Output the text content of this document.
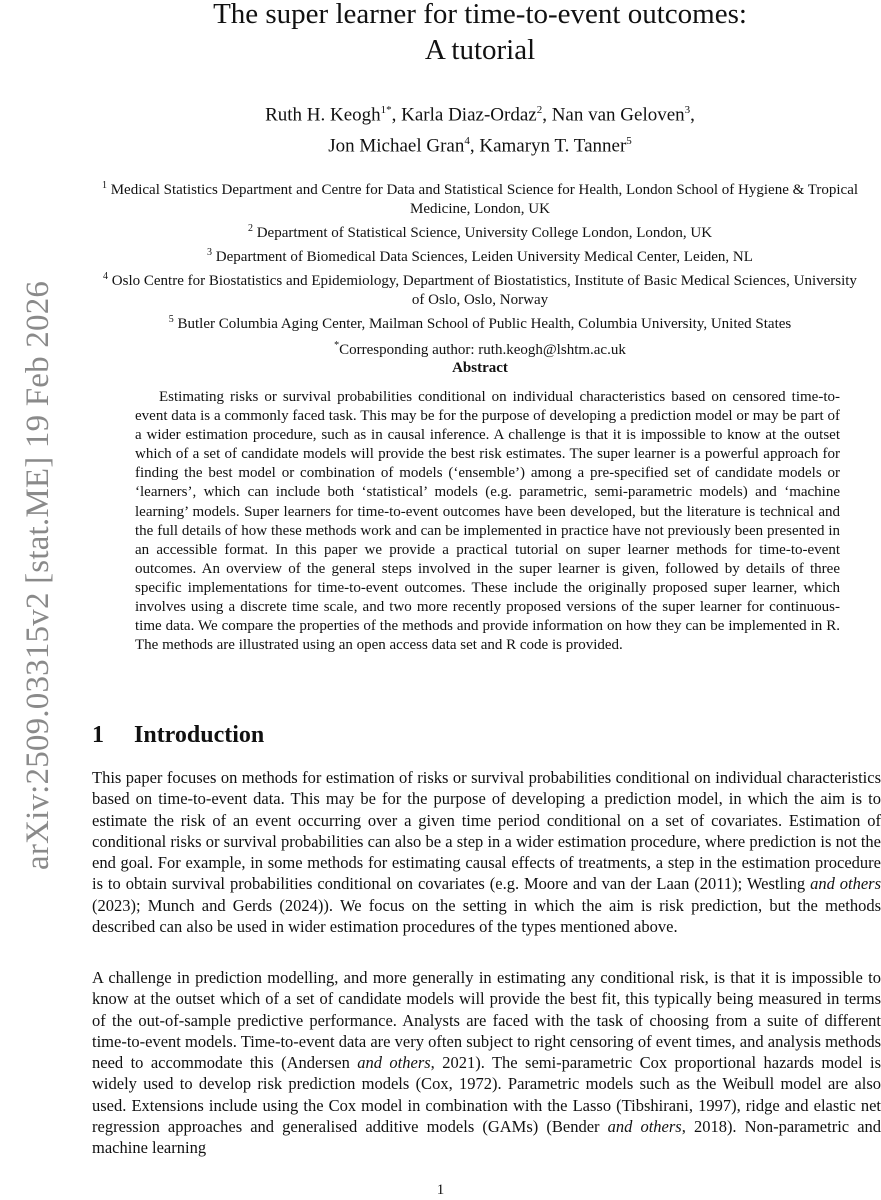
arXiv:2509.03315v2 [stat.ME] 19 Feb 2026
The super learner for time-to-event outcomes:
A tutorial
Ruth H. Keogh$^{1*}$, Karla Diaz-Ordaz$^2$, Nan van Geloven$^3$,
Jon Michael Gran$^4$, Kamaryn T. Tanner$^5$

$^1$ Medical Statistics Department and Centre for Data and Statistical Science for Health, London School of Hygiene & Tropical Medicine, London, UK

$^2$ Department of Statistical Science, University College London, London, UK

$^3$ Department of Biomedical Data Sciences, Leiden University Medical Center, Leiden, NL

$^4$ Oslo Centre for Biostatistics and Epidemiology, Department of Biostatistics, Institute of Basic Medical Sciences, University of Oslo, Oslo, Norway

$^5$ Butler Columbia Aging Center, Mailman School of Public Health, Columbia University, United States

*Corresponding author: ruth.keogh@lshtm.ac.uk

Abstract

Estimating risks or survival probabilities conditional on individual characteristics based on censored time-to-event data is a commonly faced task. This may be for the purpose of developing a prediction model or may be part of a wider estimation procedure, such as in causal inference. A challenge is that it is impossible to know at the outset which of a set of candidate models will provide the best risk estimates. The super learner is a powerful approach for finding the best model or combination of models (‘ensemble’) among a pre-specified set of candidate models or ‘learners’, which can include both ‘statistical’ models (e.g. parametric, semi-parametric models) and ‘machine learning’ models. Super learners for time-to-event outcomes have been developed, but the literature is technical and the full details of how these methods work and can be implemented in practice have not previously been presented in an accessible format. In this paper we provide a practical tutorial on super learner methods for time-to-event outcomes. An overview of the general steps involved in the super learner is given, followed by details of three specific implementations for time-to-event outcomes. These include the originally proposed super learner, which involves using a discrete time scale, and two more recently proposed versions of the super learner for continuous-time data. We compare the properties of the methods and provide information on how they can be implemented in R. The methods are illustrated using an open access data set and R code is provided.

1 Introduction

This paper focuses on methods for estimation of risks or survival probabilities conditional on individual characteristics based on time-to-event data. This may be for the purpose of developing a prediction model, in which the aim is to estimate the risk of an event occurring over a given time period conditional on a set of covariates. Estimation of conditional risks or survival probabilities can also be a step in a wider estimation procedure, where prediction is not the end goal. For example, in some methods for estimating causal effects of treatments, a step in the estimation procedure is to obtain survival probabilities conditional on covariates (e.g. Moore and van der Laan (2011); Westling and others (2023); Munch and Gerds (2024)). We focus on the setting in which the aim is risk prediction, but the methods described can also be used in wider estimation procedures of the types mentioned above.

A challenge in prediction modelling, and more generally in estimating any conditional risk, is that it is impossible to know at the outset which of a set of candidate models will provide the best fit, this typically being measured in terms of the out-of-sample predictive performance. Analysts are faced with the task of choosing from a suite of different time-to-event models. Time-to-event data are very often subject to right censoring of event times, and analysis methods need to accommodate this (Andersen and others, 2021). The semi-parametric Cox proportional hazards model is widely used to develop risk prediction models (Cox, 1972). Parametric models such as the Weibull model are also used. Extensions include using the Cox model in combination with the Lasso (Tibshirani, 1997), ridge and elastic net regression approaches and generalised additive models (GAMs) (Bender and others, 2018). Non-parametric and machine learning

1
